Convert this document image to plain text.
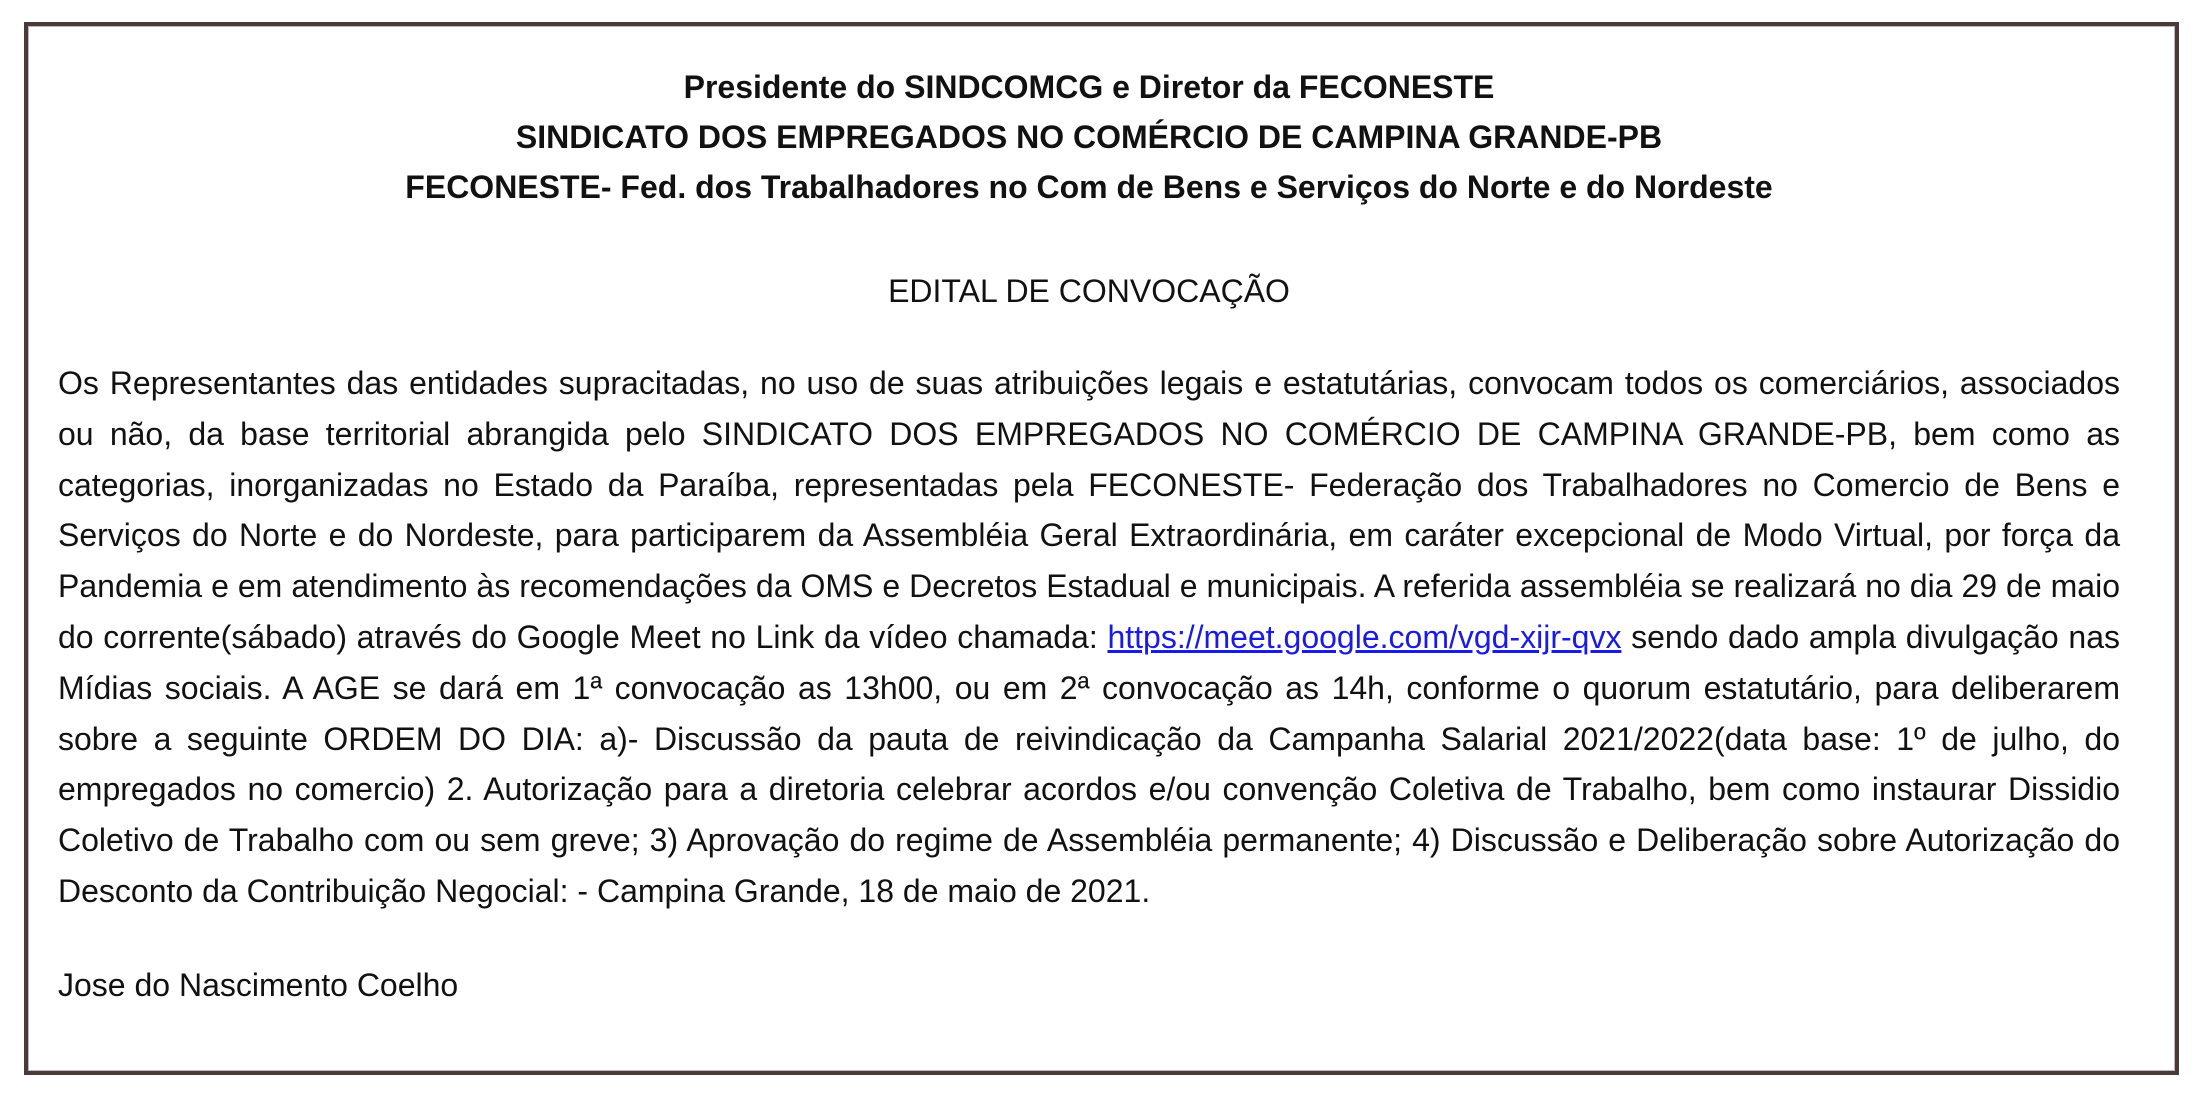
Presidente do SINDCOMCG e Diretor da FECONESTE

SINDICATO DOS EMPREGADOS NO COMÉRCIO DE CAMPINA GRANDE-PB

FECONESTE- Fed. dos Trabalhadores no Com de Bens e Serviços do Norte e do Nordeste

EDITAL DE CONVOCAÇÃO

Os Representantes das entidades supracitadas, no uso de suas atribuições legais e estatutárias, convocam todos os comerciários, associados ou não, da base territorial abrangida pelo SINDICATO DOS EMPREGADOS NO COMÉRCIO DE CAMPINA GRANDE-PB, bem como as categorias, inorganizadas no Estado da Paraíba, representadas pela FECONESTE- Federação dos Trabalhadores no Comercio de Bens e Serviços do Norte e do Nordeste, para participarem da Assembléia Geral Extraordinária, em caráter excepcional de Modo Virtual, por força da Pandemia e em atendimento às recomendações da OMS e Decretos Estadual e municipais. A referida assembléia se realizará no dia 29 de maio do corrente(sábado) através do Google Meet no Link da vídeo chamada: https://meet.google.com/vgd-xijr-qvx sendo dado ampla divulgação nas Mídias sociais. A AGE se dará em 1ª convocação as 13h00, ou em 2ª convocação as 14h, conforme o quorum estatutário, para deliberarem sobre a seguinte ORDEM DO DIA: a)- Discussão da pauta de reivindicação da Campanha Salarial 2021/2022(data base: 1º de julho, do empregados no comercio) 2. Autorização para a diretoria celebrar acordos e/ou convenção Coletiva de Trabalho, bem como instaurar Dissidio Coletivo de Trabalho com ou sem greve; 3) Aprovação do regime de Assembléia permanente; 4) Discussão e Deliberação sobre Autorização do Desconto da Contribuição Negocial: - Campina Grande, 18 de maio de 2021.

Jose do Nascimento Coelho
